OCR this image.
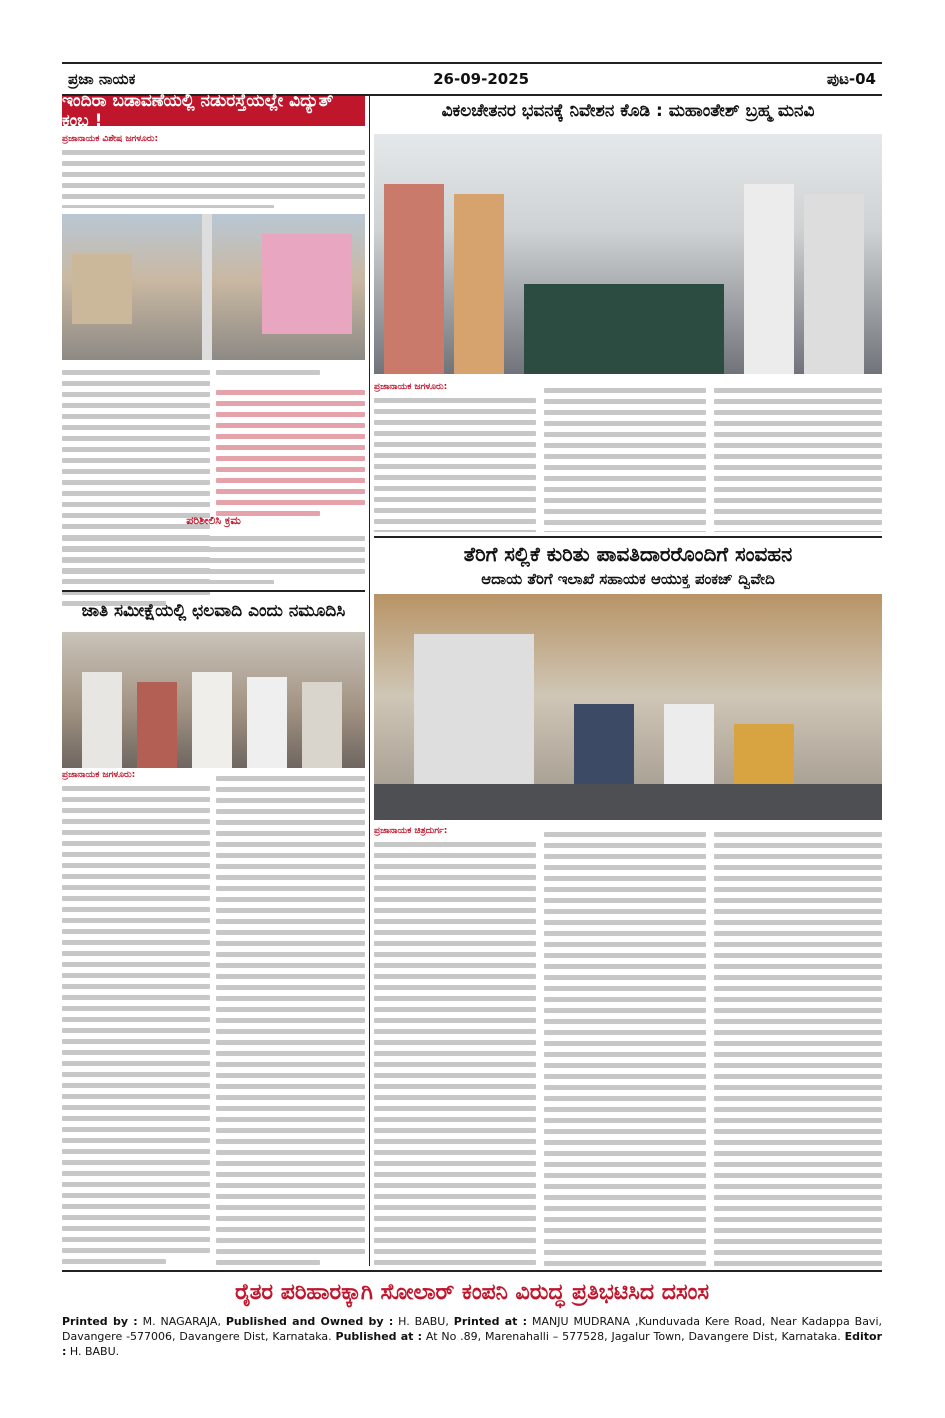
ಪ್ರಜಾ ನಾಯಕ	26-09-2025	ಪುಟ-04
ಇಂದಿರಾ ಬಡಾವಣೆಯಲ್ಲಿ ನಡುರಸ್ತೆಯಲ್ಲೇ ವಿದ್ಯುತ್ ಕಂಬ !	ವಿಕಲಚೇತನರ ಭವನಕ್ಕೆ ನಿವೇಶನ ಕೊಡಿ : ಮಹಾಂತೇಶ್ ಬ್ರಹ್ಮ ಮನವಿ
ಪ್ರಜಾನಾಯಕ ವಿಶೇಷ ಜಗಳೂರು:
ಪರಿಶೀಲಿಸಿ ಕ್ರಮ
ಜಾತಿ ಸಮೀಕ್ಷೆಯಲ್ಲಿ ಛಲವಾದಿ ಎಂದು ನಮೂದಿಸಿ
ಪ್ರಜಾನಾಯಕ ಜಗಳೂರು:
ಪ್ರಜಾನಾಯಕ ಜಗಳೂರು:
ತೆರಿಗೆ ಸಲ್ಲಿಕೆ ಕುರಿತು ಪಾವತಿದಾರರೊಂದಿಗೆ ಸಂವಹನ
ಆದಾಯ ತೆರಿಗೆ ಇಲಾಖೆ ಸಹಾಯಕ ಆಯುಕ್ತ ಪಂಕಜ್ ದ್ವಿವೇದಿ
ಪ್ರಜಾನಾಯಕ ಚಿತ್ರದುರ್ಗ:
ರೈತರ ಪರಿಹಾರಕ್ಕಾಗಿ ಸೋಲಾರ್ ಕಂಪನಿ ವಿರುದ್ಧ ಪ್ರತಿಭಟಿಸಿದ ದಸಂಸ
Printed by : M. NAGARAJA, Published and Owned by : H. BABU, Printed at : MANJU MUDRANA ,Kunduvada Kere Road, Near Kadappa Bavi, Davangere -577006, Davangere Dist, Karnataka. Published at : At No .89, Marenahalli – 577528, Jagalur Town, Davangere Dist, Karnataka. Editor : H. BABU.
